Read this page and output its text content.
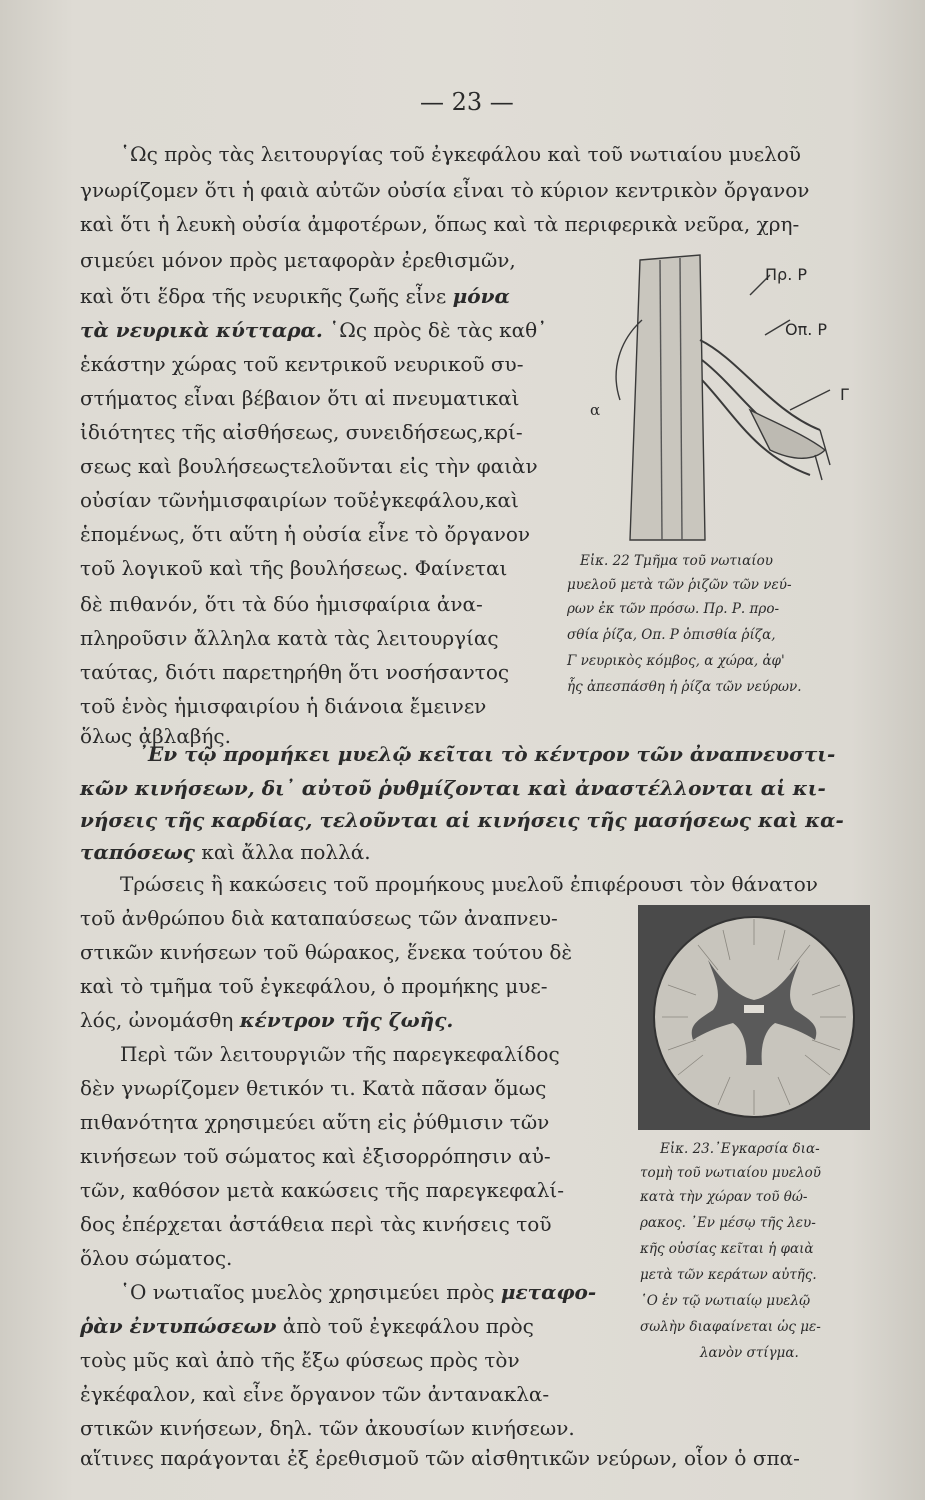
— 23 —
῾Ως πρὸς τὰς λειτουργίας τοῦ ἐγκεφάλου καὶ τοῦ νωτιαίου μυελοῦ
γνωρίζομεν ὅτι ἡ φαιὰ αὐτῶν οὐσία εἶναι τὸ κύριον κεντρικὸν ὄργανον
καὶ ὅτι ἡ λευκὴ οὐσία ἀμφοτέρων, ὅπως καὶ τὰ περιφερικὰ νεῦρα, χρη-
σιμεύει μόνον πρὸς μεταφορὰν ἐρεθισμῶν,
καὶ ὅτι ἕδρα τῆς νευρικῆς ζωῆς εἶνε μόνα
τὰ νευρικὰ κύτταρα. ῾Ως πρὸς δὲ τὰς καθ᾽
ἑκάστην χώρας τοῦ κεντρικοῦ νευρικοῦ συ-
στήματος εἶναι βέβαιον ὅτι αἱ πνευματικαὶ
ἰδιότητες τῆς αἰσθήσεως, συνειδήσεως,κρί-
σεως καὶ βουλήσεωςτελοῦνται εἰς τὴν φαιὰν
οὐσίαν τῶνἡμισφαιρίων τοῦἐγκεφάλου,καὶ
ἑπομένως, ὅτι αὕτη ἡ οὐσία εἶνε τὸ ὄργανον
τοῦ λογικοῦ καὶ τῆς βουλήσεως. Φαίνεται
δὲ πιθανόν, ὅτι τὰ δύο ἡμισφαίρια ἀνα-
πληροῦσιν ἄλληλα κατὰ τὰς λειτουργίας
ταύτας, διότι παρετηρήθη ὅτι νοσήσαντος
τοῦ ἑνὸς ἡμισφαιρίου ἡ διάνοια ἔμεινεν
ὅλως ἀβλαβής.
Πρ. Ρ
Οπ. Ρ
Γ
α
Εἰκ. 22 Τμῆμα τοῦ νωτιαίου
μυελοῦ μετὰ τῶν ῥιζῶν τῶν νεύ-
ρων ἐκ τῶν πρόσω. Πρ. Ρ. προ-
σθία ῥίζα, Οπ. Ρ ὀπισθία ῥίζα,
Γ νευρικὸς κόμβος, α χώρα, ἀφ'
ἧς ἀπεσπάσθη ἡ ῥίζα τῶν νεύρων.
᾽Εν τῷ προμήκει μυελῷ κεῖται τὸ κέντρον τῶν ἀναπνευστι-
κῶν κινήσεων, δι᾽ αὐτοῦ ῥυθμίζονται καὶ ἀναστέλλονται αἱ κι-
νήσεις τῆς καρδίας, τελοῦνται αἱ κινήσεις τῆς μασήσεως καὶ κα-
ταπόσεως καὶ ἄλλα πολλά.
Τρώσεις ἢ κακώσεις τοῦ προμήκους μυελοῦ ἐπιφέρουσι τὸν θάνατον
τοῦ ἀνθρώπου διὰ καταπαύσεως τῶν ἀναπνευ-
στικῶν κινήσεων τοῦ θώρακος, ἕνεκα τούτου δὲ
καὶ τὸ τμῆμα τοῦ ἐγκεφάλου, ὁ προμήκης μυε-
λός, ὠνομάσθη κέντρον τῆς ζωῆς.
Περὶ τῶν λειτουργιῶν τῆς παρεγκεφαλίδος
δὲν γνωρίζομεν θετικόν τι. Κατὰ πᾶσαν ὅμως
πιθανότητα χρησιμεύει αὕτη εἰς ῥύθμισιν τῶν
κινήσεων τοῦ σώματος καὶ ἐξισορρόπησιν αὐ-
τῶν, καθόσον μετὰ κακώσεις τῆς παρεγκεφαλί-
δος ἐπέρχεται ἀστάθεια περὶ τὰς κινήσεις τοῦ
ὅλου σώματος.
῾Ο νωτιαῖος μυελὸς χρησιμεύει πρὸς μεταφο-
ῥὰν ἐντυπώσεων ἀπὸ τοῦ ἐγκεφάλου πρὸς
τοὺς μῦς καὶ ἀπὸ τῆς ἔξω φύσεως πρὸς τὸν
ἐγκέφαλον, καὶ εἶνε ὄργανον τῶν ἀντανακλα-
στικῶν κινήσεων, δηλ. τῶν ἀκουσίων κινήσεων.
αἵτινες παράγονται ἐξ ἐρεθισμοῦ τῶν αἰσθητικῶν νεύρων, οἷον ὁ σπα-
Εἰκ. 23.᾽Εγκαρσία δια-
τομὴ τοῦ νωτιαίου μυελοῦ
κατὰ τὴν χώραν τοῦ θώ-
ρακος. ᾽Εν μέσῳ τῆς λευ-
κῆς οὐσίας κεῖται ἡ φαιὰ
μετὰ τῶν κεράτων αὐτῆς.
῾Ο ἐν τῷ νωτιαίῳ μυελῷ
σωλὴν διαφαίνεται ὡς με-
λανὸν στίγμα.
